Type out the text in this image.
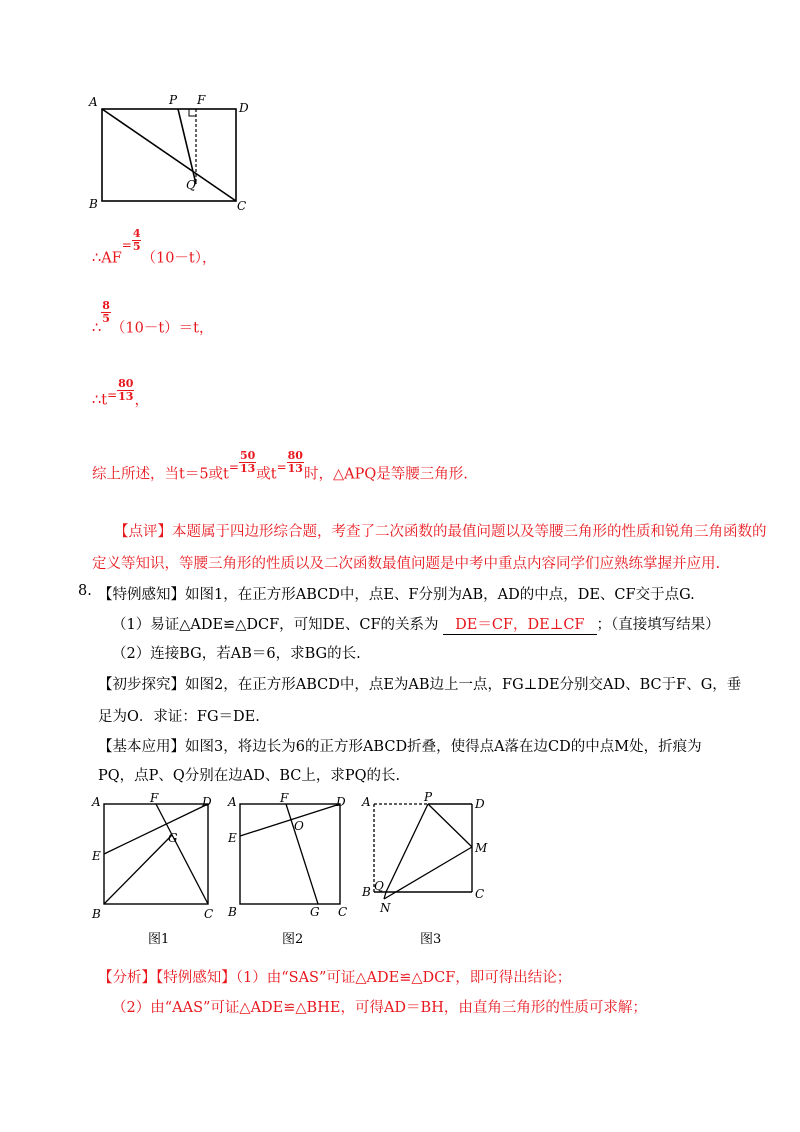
A	P F
D
Q
B	C
∴AF= $\frac{4}{5}$
（10－t），
∴
$\frac{8}{5}$
（10－t）＝t，
∴t= $\frac{80}{13}$ ，
综上所述，当t＝5或$t^= \frac{50}{13}$ 或$t^= \frac{80}{13}$ 时，△APQ是等腰三角形.
【点评】本题属于四边形综合题，考查了二次函数的最值问题以及等腰三角形的性质和锐角三角函数的
定义等知识，等腰三角形的性质以及二次函数最值问题是中考中重点内容同学们应熟练掌握并应用.
8. 【特例感知】如图1，在正方形ABCD中，点E、F分别为AB，AD的中点，DE、CF交于点G.
（1）易证△ADE≌△DCF，可知DE、CF的关系为 DE＝CF，DE⊥CF ；（直接填写结果）
（2）连接BG，若AB＝6，求BG的长.
【初步探究】如图2，在正方形ABCD中，点E为AB边上一点，FG⊥DE分别交AD、BC于F、G，垂
足为O．求证：FG＝DE.
【基本应用】如图3，将边长为6的正方形ABCD折叠，使得点A落在边CD的中点M处，折痕为
PQ，点P、Q分别在边AD、BC上，求PQ的长.
A	F	D
E
G
B	C
图1
A	F	D
E
O
B	G C
图2
A	P	D
M
B Q
N
C
图3
【分析】【特例感知】（1）由“SAS”可证△ADE≌△DCF，即可得出结论；
（2）由“AAS”可证△ADE≌△BHE，可得AD＝BH，由直角三角形的性质可求解；
